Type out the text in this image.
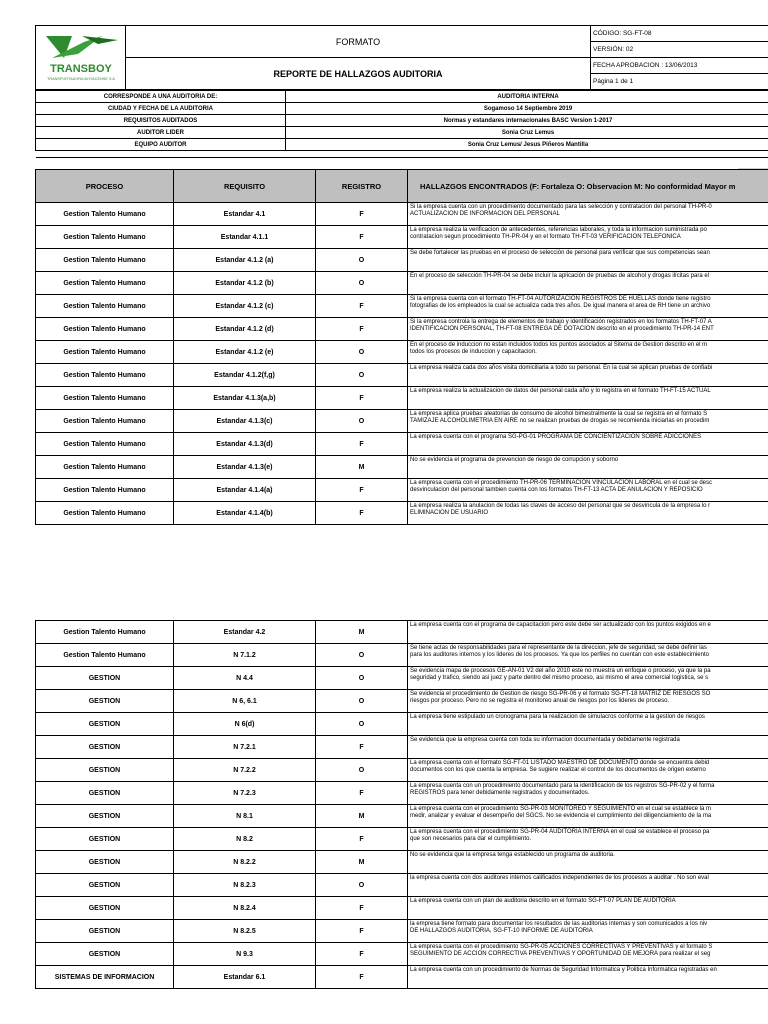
TRANSBOY
TRANSPORTADORA BOYACENSE S.A	FORMATO	CÓDIGO: SG-FT-08
		VERSIÓN: 02
	REPORTE DE HALLAZGOS AUDITORIA	FECHA APROBACION : 13/06/2013
		Página 1 de 1
CORRESPONDE A UNA AUDITORIA DE:	AUDITORIA INTERNA
CIUDAD Y FECHA DE LA AUDITORIA	Sogamoso 14 Septiembre 2019
REQUISITOS AUDITADOS	Normas y estandares internacionales BASC Version 1-2017
AUDITOR LIDER	Sonia Cruz Lemus
EQUIPO AUDITOR	Sonia Cruz Lemus/ Jesus Piñeros Mantilla

PROCESO	REQUISITO	REGISTRO	HALLAZGOS ENCONTRADOS (F: Fortaleza O: Observacion M: No conformidad Mayor m
Gestion Talento Humano	Estandar 4.1	F	Si la empresa cuenta con un procedimiento documentado para las selección y contratacion del personal TH-PR-0
ACTUALIZACION DE INFORMACION DEL PERSONAL

Gestion Talento Humano	Estandar 4.1.1	F	La empresa realiza la verificacion de antecedentes, referencias laborales, y toda la informacion suministrada po
contratacion segun procedimiento TH-PR-04 y en el formato TH-FT-03 VERIFICACION TELEFONICA

Gestion Talento Humano	Estandar 4.1.2 (a)	O	Se debe fortalecer las pruebas en el proceso de selección de personal para verificar que sus competencias sean

Gestion Talento Humano	Estandar 4.1.2 (b)	O	En el proceso de selección TH-PR-04 se debe incluir la aplicación de pruebas de alcohol y drogas ilícitas para el

Gestion Talento Humano	Estandar 4.1.2 (c)	F	Si la empresa cuenta con el formato TH-FT-04 AUTORIZACION REGISTROS DE HUELLAS donde tiene registro
fotografias de los empleados la cual se actualiza cada tres años. De igual manera el area de RH tiene un archivo

Gestion Talento Humano	Estandar 4.1.2 (d)	F	Si la empresa controla la entrega de elementos de trabajo y identificación registrados en los formatos TH-FT-07 A
IDENTIFICACION PERSONAL, TH-FT-08 ENTREGA DE DOTACION descrito en el procedimiento TH-PR-14 ENT

Gestion Talento Humano	Estandar 4.1.2 (e)	O	En el proceso de induccion no estan incluidos todos los puntos asociados al Sitema de Gestion descrito en el m
todos los procesos de induccion y capacitacion.

Gestion Talento Humano	Estandar 4.1.2(f,g)	O	La empresa realiza cada dos años visita domiciliaria a todo su personal. En la cual se aplican pruebas de confiabi

Gestion Talento Humano	Estandar 4.1.3(a,b)	F	La empresa realiza la actualizacion de datos del personal cada año y lo registra en el formato TH-FT-15 ACTUAL

Gestion Talento Humano	Estandar 4.1.3(c)	O	La empresa aplica pruebas aleatorias de consumo de alcohol bimestralmente la cual se registra en el formato S
TAMIZAJE ALCOHOLIMETRIA EN AIRE no se realizan pruebas de drogas se recomienda iniciarlas en procedim

Gestion Talento Humano	Estandar 4.1.3(d)	F	La empresa cuenta con el programa SG-PG-01 PROGRAMA DE CONCIENTIZACION SOBRE ADICCIONES

Gestion Talento Humano	Estandar 4.1.3(e)	M	No se evidencia el programa de prevencion de riesgo de corrupcion y soborno

Gestion Talento Humano	Estandar 4.1.4(a)	F	La empresa cuenta con el procedimiento TH-PR-06 TERMINACION VINCULACION LABORAL en el cual se desc
desvinculacion del personal tambien cuenta con los formatos TH-FT-13 ACTA DE ANULACION Y REPOSICIO

Gestion Talento Humano	Estandar 4.1.4(b)	F	La empresa realiza la anulacion de todas las claves de acceso del personal que se desvincula de la empresa lo r
ELIMINACION DE USUARIO
Gestion Talento Humano	Estandar 4.2	M	La empresa cuenta con el programa de capacitacion pero este debe ser actualizado con los puntos exigidos en e

Gestion Talento Humano	N 7.1.2	O	Se tiene actas de responsabilidades para el representante de la direccion, jefe de seguridad, se debe definir las
para los auditores internos y los lideres de los procesos. Ya que los perfiles no cuentan con este establecimiento

GESTION	N 4.4	O	Se evidencia mapa de procesos GE-AN-01 V2 del año 2010 este no muestra un enfoque o proceso, ya que la pa
seguridad y trafico, siendo asi juez y parte dentro del mismo proceso, asi mismo el area comercial logistica, se s

GESTION	N 6, 6.1	O	Se evidencia el procedimiento de Gestion de riesgo SG-PR-06 y el formato SG-FT-18 MATRIZ DE RIESGOS SO
riesgos por proceso. Pero no se registra el monitoreo anual de riesgos por los lideres de proceso.

GESTION	N 6(d)	O	La empresa tiene estipulado un cronograma para la realizacion de simulacros conforme a la gestion de riesgos

GESTION	N 7.2.1	F	Se evidencia que la empresa cuenta con toda su informacion documentada y debidamente registrada

GESTION	N 7.2.2	O	La empresa cuenta con el formato SG-FT-01 LISTADO MAESTRO DE DOCUMENTO donde se encuentra debid
documentos con los que cuenta la empresa. Se sugiere realizar el control de los documentos de origen externo

GESTION	N 7.2.3	F	La empresa cuenta con un procedimiento documentado para la identificacion de los registros SG-PR-02 y el forma
REGISTROS para tener debidamente registrados y documentados.

GESTION	N 8.1	M	La empresa cuenta con el procedimiento SG-PR-03 MONITOREO Y SEGUIMIENTO en el cual se establece la m
medir, analizar y evaluar el desempeño del SGCS. No se evidencia el cumplimiento del diligenciamiento de la ma

GESTION	N 8.2	F	La empresa cuenta con el procedimiento SG-PR-04 AUDITORIA INTERNA en el cual se establece el proceso pa
que son necesarios para dar el cumplimiento.

GESTION	N 8.2.2	M	No se evidencia que la empresa tenga establecido un programa de auditoria.

GESTION	N 8.2.3	O	la empresa cuenta con dos auditores internos calificados independientes de los procesos a auditar . No son eval

GESTION	N 8.2.4	F	La empresa cuenta con un plan de auditoria descrito en el formato SG-FT-07 PLAN DE AUDITORIA

GESTION	N 8.2.5	F	la empresa tiene formato para documentar los resultados de las auditorias internas y son comunicados a los niv
DE HALLAZGOS AUDITORIA, SG-FT-10 INFORME DE AUDITORIA

GESTION	N 9.3	F	La empresa cuenta con el procedimiento SG-PR-05 ACCIONES CORRECTIVAS Y PREVENTIVAS y el formato S
SEGUIMIENTO DE ACCION CORRECTIVA PREVENTIVAS Y OPORTUNIDAD DE MEJORA para realizar el seg

SISTEMAS DE INFORMACION	Estandar 6.1	F	La empresa cuenta con un procedimiento de Normas de Seguridad Informatica y Politica Informatica registradas en
